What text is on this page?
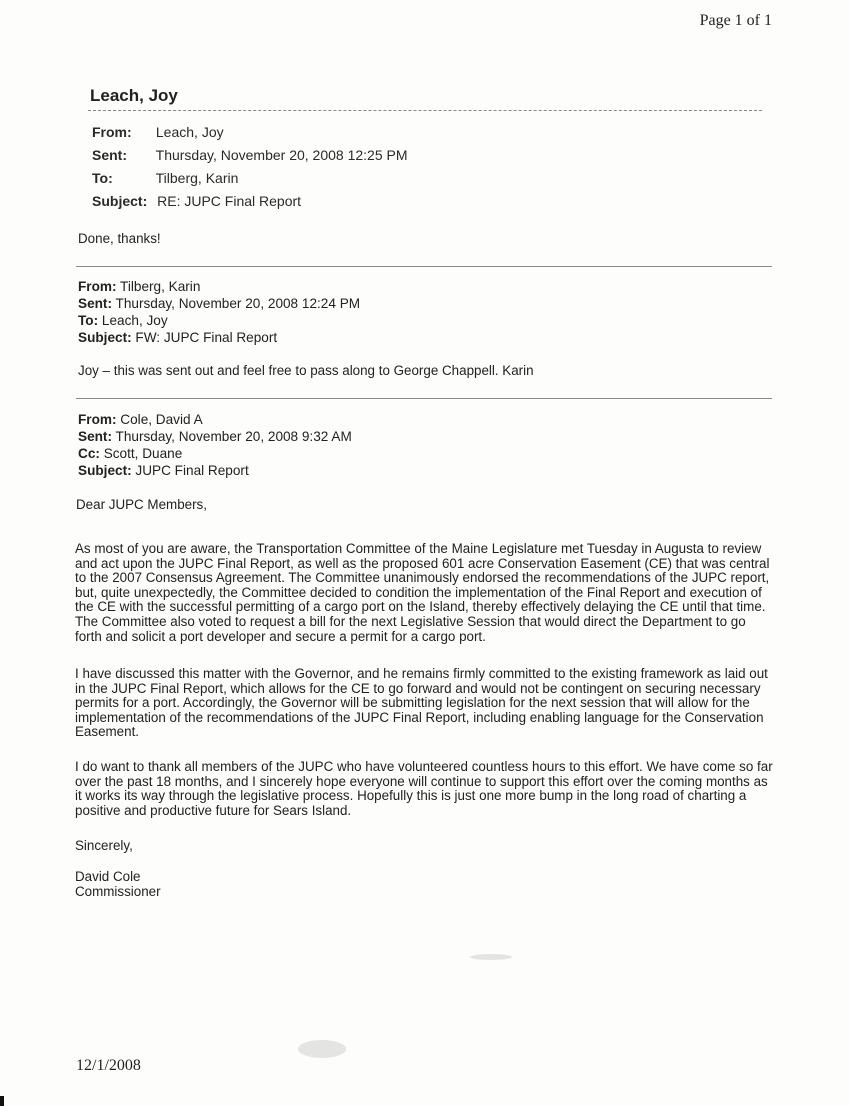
Page 1 of 1
Leach, Joy
From: Leach, Joy
Sent: Thursday, November 20, 2008 12:25 PM
To:	Tilberg, Karin
Subject: RE: JUPC Final Report
Done, thanks!
From: Tilberg, Karin
Sent: Thursday, November 20, 2008 12:24 PM
To: Leach, Joy
Subject: FW: JUPC Final Report
Joy – this was sent out and feel free to pass along to George Chappell. Karin
From: Cole, David A
Sent: Thursday, November 20, 2008 9:32 AM
Cc: Scott, Duane
Subject: JUPC Final Report
Dear JUPC Members,
As most of you are aware, the Transportation Committee of the Maine Legislature met Tuesday in Augusta to review and act upon the JUPC Final Report, as well as the proposed 601 acre Conservation Easement (CE) that was central to the 2007 Consensus Agreement. The Committee unanimously endorsed the recommendations of the JUPC report, but, quite unexpectedly, the Committee decided to condition the implementation of the Final Report and execution of the CE with the successful permitting of a cargo port on the Island, thereby effectively delaying the CE until that time. The Committee also voted to request a bill for the next Legislative Session that would direct the Department to go forth and solicit a port developer and secure a permit for a cargo port.
I have discussed this matter with the Governor, and he remains firmly committed to the existing framework as laid out in the JUPC Final Report, which allows for the CE to go forward and would not be contingent on securing necessary permits for a port. Accordingly, the Governor will be submitting legislation for the next session that will allow for the implementation of the recommendations of the JUPC Final Report, including enabling language for the Conservation Easement.
I do want to thank all members of the JUPC who have volunteered countless hours to this effort. We have come so far over the past 18 months, and I sincerely hope everyone will continue to support this effort over the coming months as it works its way through the legislative process. Hopefully this is just one more bump in the long road of charting a positive and productive future for Sears Island.
Sincerely,
David Cole
Commissioner
12/1/2008
